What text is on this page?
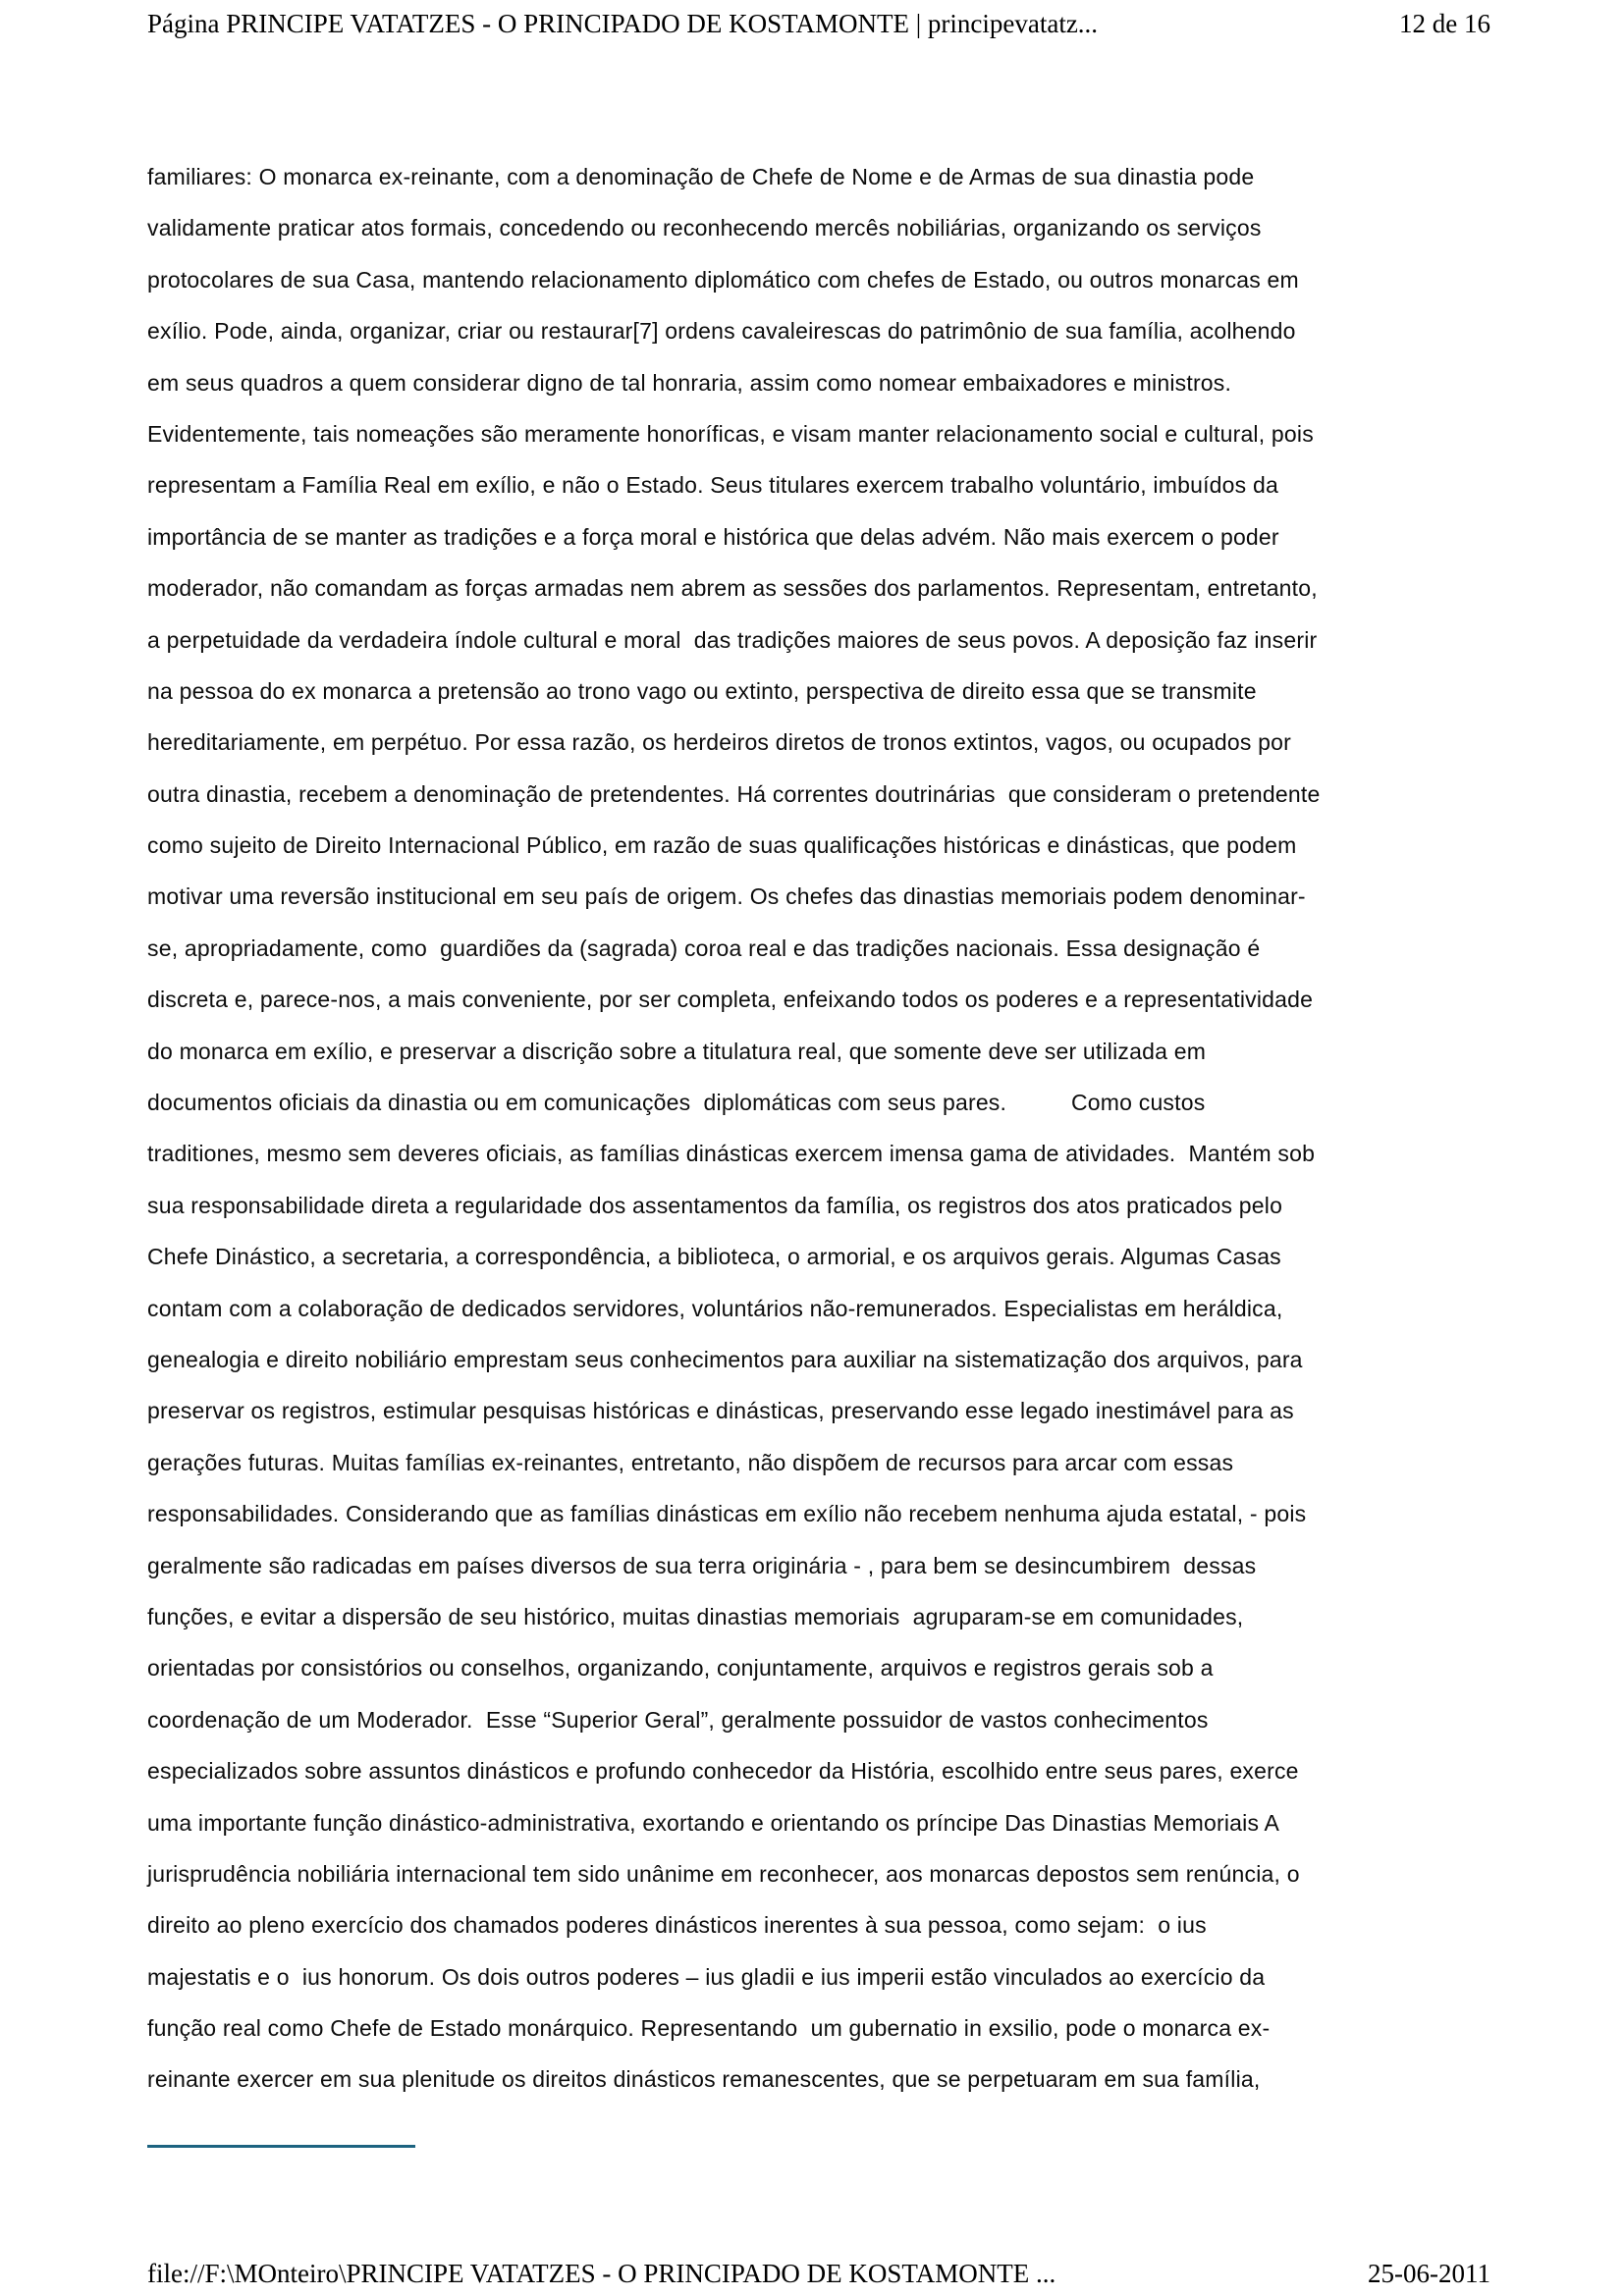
Página PRINCIPE VATATZES - O PRINCIPADO DE KOSTAMONTE | principevatatz...	12 de 16
familiares: O monarca ex-reinante, com a denominação de Chefe de Nome e de Armas de sua dinastia pode
validamente praticar atos formais, concedendo ou reconhecendo mercês nobiliárias, organizando os serviços
protocolares de sua Casa, mantendo relacionamento diplomático com chefes de Estado, ou outros monarcas em
exílio. Pode, ainda, organizar, criar ou restaurar[7] ordens cavaleirescas do patrimônio de sua família, acolhendo
em seus quadros a quem considerar digno de tal honraria, assim como nomear embaixadores e ministros.
Evidentemente, tais nomeações são meramente honoríficas, e visam manter relacionamento social e cultural, pois
representam a Família Real em exílio, e não o Estado. Seus titulares exercem trabalho voluntário, imbuídos da
importância de se manter as tradições e a força moral e histórica que delas advém. Não mais exercem o poder
moderador, não comandam as forças armadas nem abrem as sessões dos parlamentos. Representam, entretanto,
a perpetuidade da verdadeira índole cultural e moral  das tradições maiores de seus povos. A deposição faz inserir
na pessoa do ex monarca a pretensão ao trono vago ou extinto, perspectiva de direito essa que se transmite
hereditariamente, em perpétuo. Por essa razão, os herdeiros diretos de tronos extintos, vagos, ou ocupados por
outra dinastia, recebem a denominação de pretendentes. Há correntes doutrinárias  que consideram o pretendente
como sujeito de Direito Internacional Público, em razão de suas qualificações históricas e dinásticas, que podem
motivar uma reversão institucional em seu país de origem. Os chefes das dinastias memoriais podem denominar-
se, apropriadamente, como  guardiões da (sagrada) coroa real e das tradições nacionais. Essa designação é
discreta e, parece-nos, a mais conveniente, por ser completa, enfeixando todos os poderes e a representatividade
do monarca em exílio, e preservar a discrição sobre a titulatura real, que somente deve ser utilizada em
documentos oficiais da dinastia ou em comunicações  diplomáticas com seus pares.          Como custos
traditiones, mesmo sem deveres oficiais, as famílias dinásticas exercem imensa gama de atividades.  Mantém sob
sua responsabilidade direta a regularidade dos assentamentos da família, os registros dos atos praticados pelo
Chefe Dinástico, a secretaria, a correspondência, a biblioteca, o armorial, e os arquivos gerais. Algumas Casas
contam com a colaboração de dedicados servidores, voluntários não-remunerados. Especialistas em heráldica,
genealogia e direito nobiliário emprestam seus conhecimentos para auxiliar na sistematização dos arquivos, para
preservar os registros, estimular pesquisas históricas e dinásticas, preservando esse legado inestimável para as
gerações futuras. Muitas famílias ex-reinantes, entretanto, não dispõem de recursos para arcar com essas
responsabilidades. Considerando que as famílias dinásticas em exílio não recebem nenhuma ajuda estatal, - pois
geralmente são radicadas em países diversos de sua terra originária - , para bem se desincumbirem  dessas
funções, e evitar a dispersão de seu histórico, muitas dinastias memoriais  agruparam-se em comunidades,
orientadas por consistórios ou conselhos, organizando, conjuntamente, arquivos e registros gerais sob a
coordenação de um Moderador.  Esse “Superior Geral”, geralmente possuidor de vastos conhecimentos
especializados sobre assuntos dinásticos e profundo conhecedor da História, escolhido entre seus pares, exerce
uma importante função dinástico-administrativa, exortando e orientando os príncipe Das Dinastias Memoriais A
jurisprudência nobiliária internacional tem sido unânime em reconhecer, aos monarcas depostos sem renúncia, o
direito ao pleno exercício dos chamados poderes dinásticos inerentes à sua pessoa, como sejam:  o ius
majestatis e o  ius honorum. Os dois outros poderes – ius gladii e ius imperii estão vinculados ao exercício da
função real como Chefe de Estado monárquico. Representando  um gubernatio in exsilio, pode o monarca ex-
reinante exercer em sua plenitude os direitos dinásticos remanescentes, que se perpetuaram em sua família,
file://F:\MOnteiro\PRINCIPE VATATZES - O PRINCIPADO DE KOSTAMONTE ...	25-06-2011
